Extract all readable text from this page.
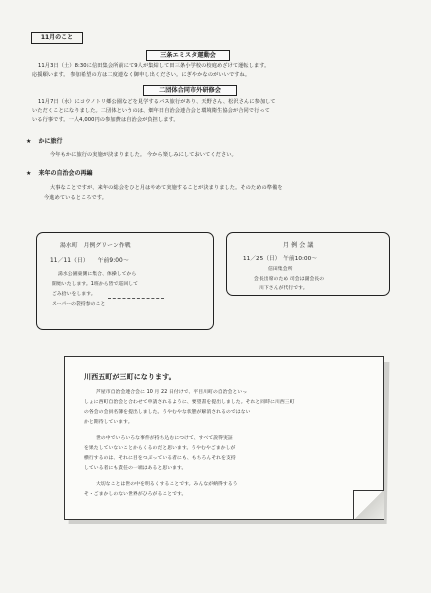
11月のこと
三条エミスタ運動会
11月3日（土）8:30に信田集会所前にて9人が集結して田三条小学校の校庭めざけて運転します。
応援願います。 参加希望の方は二度連なく御申し出ください。にぎやかなのがいいですね。
二団体合同市外研修会
11月7日（水）にコウノトリ郷公園などを見学するバス旅行があり、天野さん、松沢さんに参加して
いただくことになりました。二団体というのは、畑年日自治会連合会と環境衛生協会が合同で行って
いる行事です。一人4,000円の参加費は自治会が負担します。
★ かに旅行
今年もかに旅行の実施が決まりました。 今から楽しみにしておいてください。
★ 来年の自治会の再編
大事なことですが、来年の総会をひと月はやめて実施することが決まりました。そのための準備を
今進めているところです。
湯水町　月例グリーン作戦
11／11（日）　　午前9:00～
湯水公園東側に集合、体操してから
開始いたします。1班から皆で巡回して
ごみ拾いをします。
スーパーの袋持参のこと
月 例 会 議
11／25（日）　午前10:00～
信田集会所
会長出席のため 司会は副会長の
川下さんが代行です。
川西五町が三町になります。
芦屋市自治会連合会に 10 月 22 日付けで、平目川町の自治会といっ
しょに西町自治会と合わせて申請されるように、要望書を提出しました。それと同時に川西三町
の各会の会員名簿を提出しました。うやむやな状態が解消されるのではない
かと期待しています。
世の中でいろいろな事件が持ち込むにつけて、すべて説得実証
を果たしていないことからくるのだと思います。うやむやごまかしが
横行するのは、それに目をつぶっている者にも、もちろんそれを支持
している者にも責任の一端はあると思います。
大切なことは世の中を明るくすることです。みんなが納得するう
そ・ごまかしのない世界がひろがることです。
